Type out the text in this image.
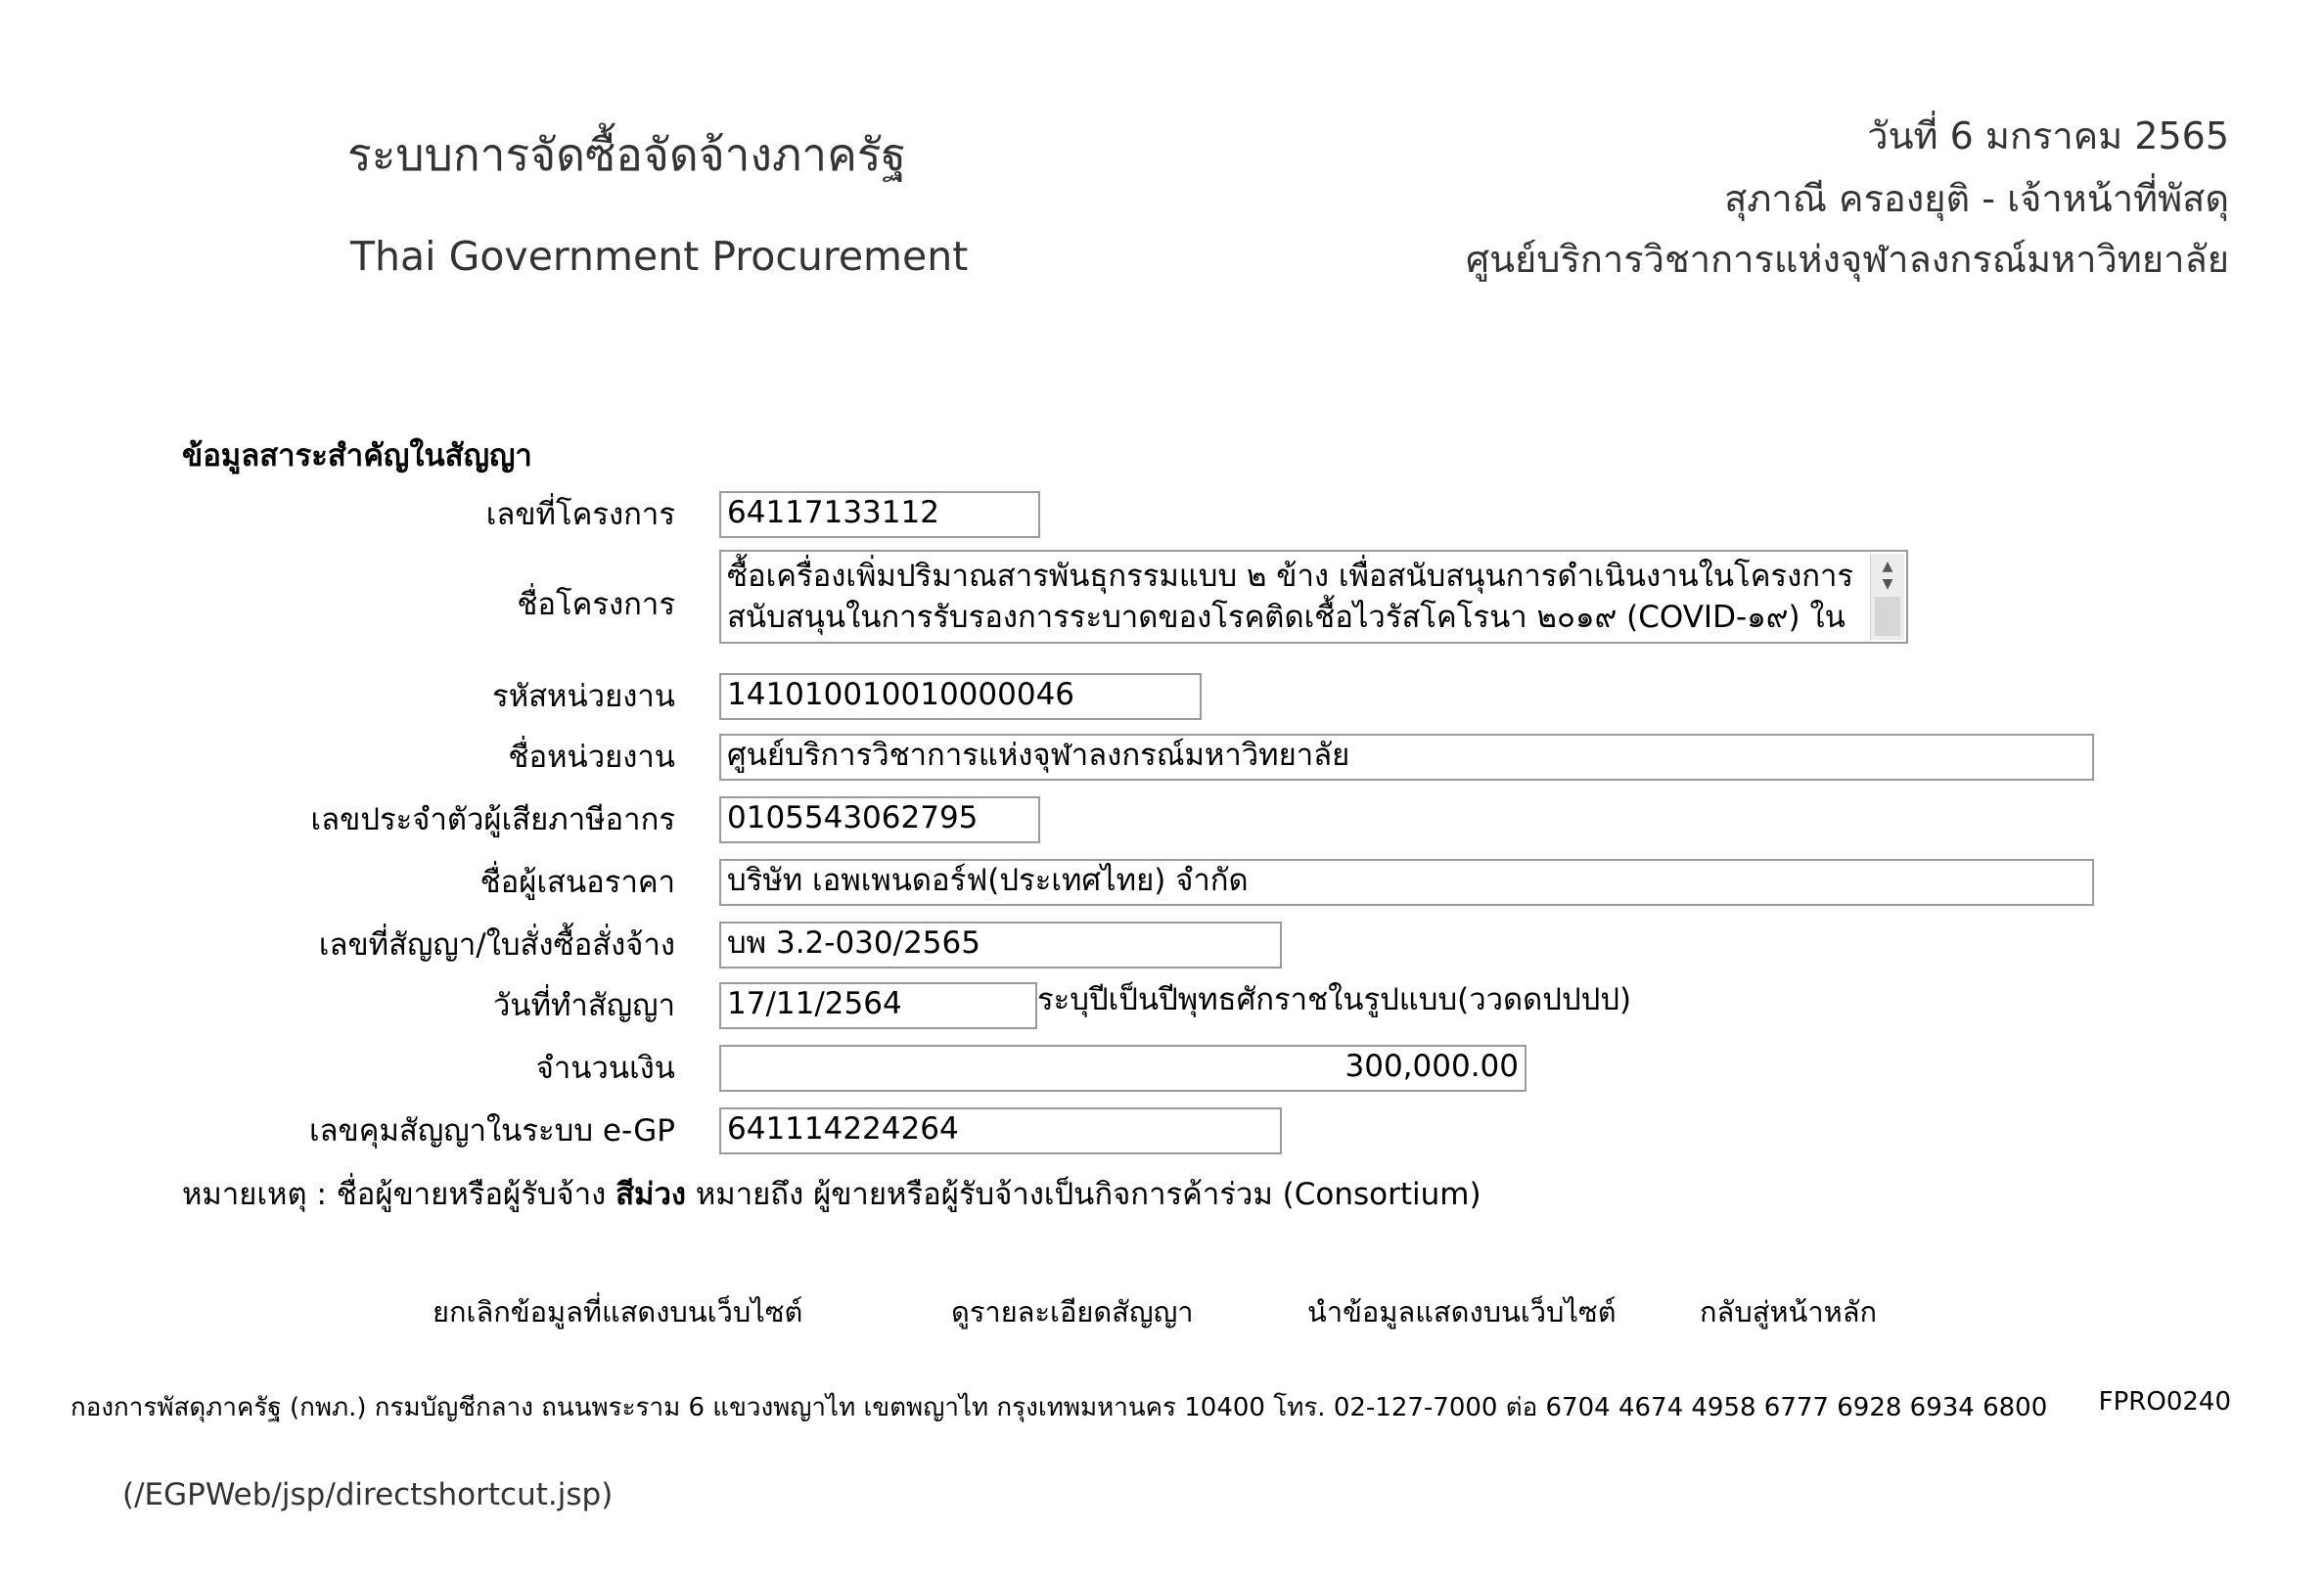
ระบบการจัดซื้อจัดจ้างภาครัฐ
Thai Government Procurement
วันที่ 6 มกราคม 2565
สุภาณี ครองยุติ - เจ้าหน้าที่พัสดุ
ศูนย์บริการวิชาการแห่งจุฬาลงกรณ์มหาวิทยาลัย
ข้อมูลสาระสำคัญในสัญญา
เลขที่โครงการ 64117133112
ชื่อโครงการ
ซื้อเครื่องเพิ่มปริมาณสารพันธุกรรมแบบ ๒ ข้าง เพื่อสนับสนุนการดำเนินงานในโครงการ
สนับสนุนในการรับรองการระบาดของโรคติดเชื้อไวรัสโคโรนา ๒๐๑๙ (COVID-๑๙) ใน
▲
▼
รหัสหน่วยงาน 141010010010000046
ชื่อหน่วยงาน ศูนย์บริการวิชาการแห่งจุฬาลงกรณ์มหาวิทยาลัย
เลขประจำตัวผู้เสียภาษีอากร 0105543062795
ชื่อผู้เสนอราคา บริษัท เอพเพนดอร์ฟ(ประเทศไทย) จำกัด
เลขที่สัญญา/ใบสั่งซื้อสั่งจ้าง บพ 3.2-030/2565
วันที่ทำสัญญา 17/11/2564	ระบุปีเป็นปีพุทธศักราชในรูปแบบ(ววดดปปปป)
จำนวนเงิน	300,000.00
เลขคุมสัญญาในระบบ e-GP 641114224264
หมายเหตุ : ชื่อผู้ขายหรือผู้รับจ้าง สีม่วง หมายถึง ผู้ขายหรือผู้รับจ้างเป็นกิจการค้าร่วม (Consortium)
ยกเลิกข้อมูลที่แสดงบนเว็บไซต์	ดูรายละเอียดสัญญา	นำข้อมูลแสดงบนเว็บไซต์	กลับสู่หน้าหลัก
กองการพัสดุภาครัฐ (กพภ.) กรมบัญชีกลาง ถนนพระราม 6 แขวงพญาไท เขตพญาไท กรุงเทพมหานคร 10400 โทร. 02-127-7000 ต่อ 6704 4674 4958 6777 6928 6934 6800 FPRO0240
(/EGPWeb/jsp/directshortcut.jsp)
